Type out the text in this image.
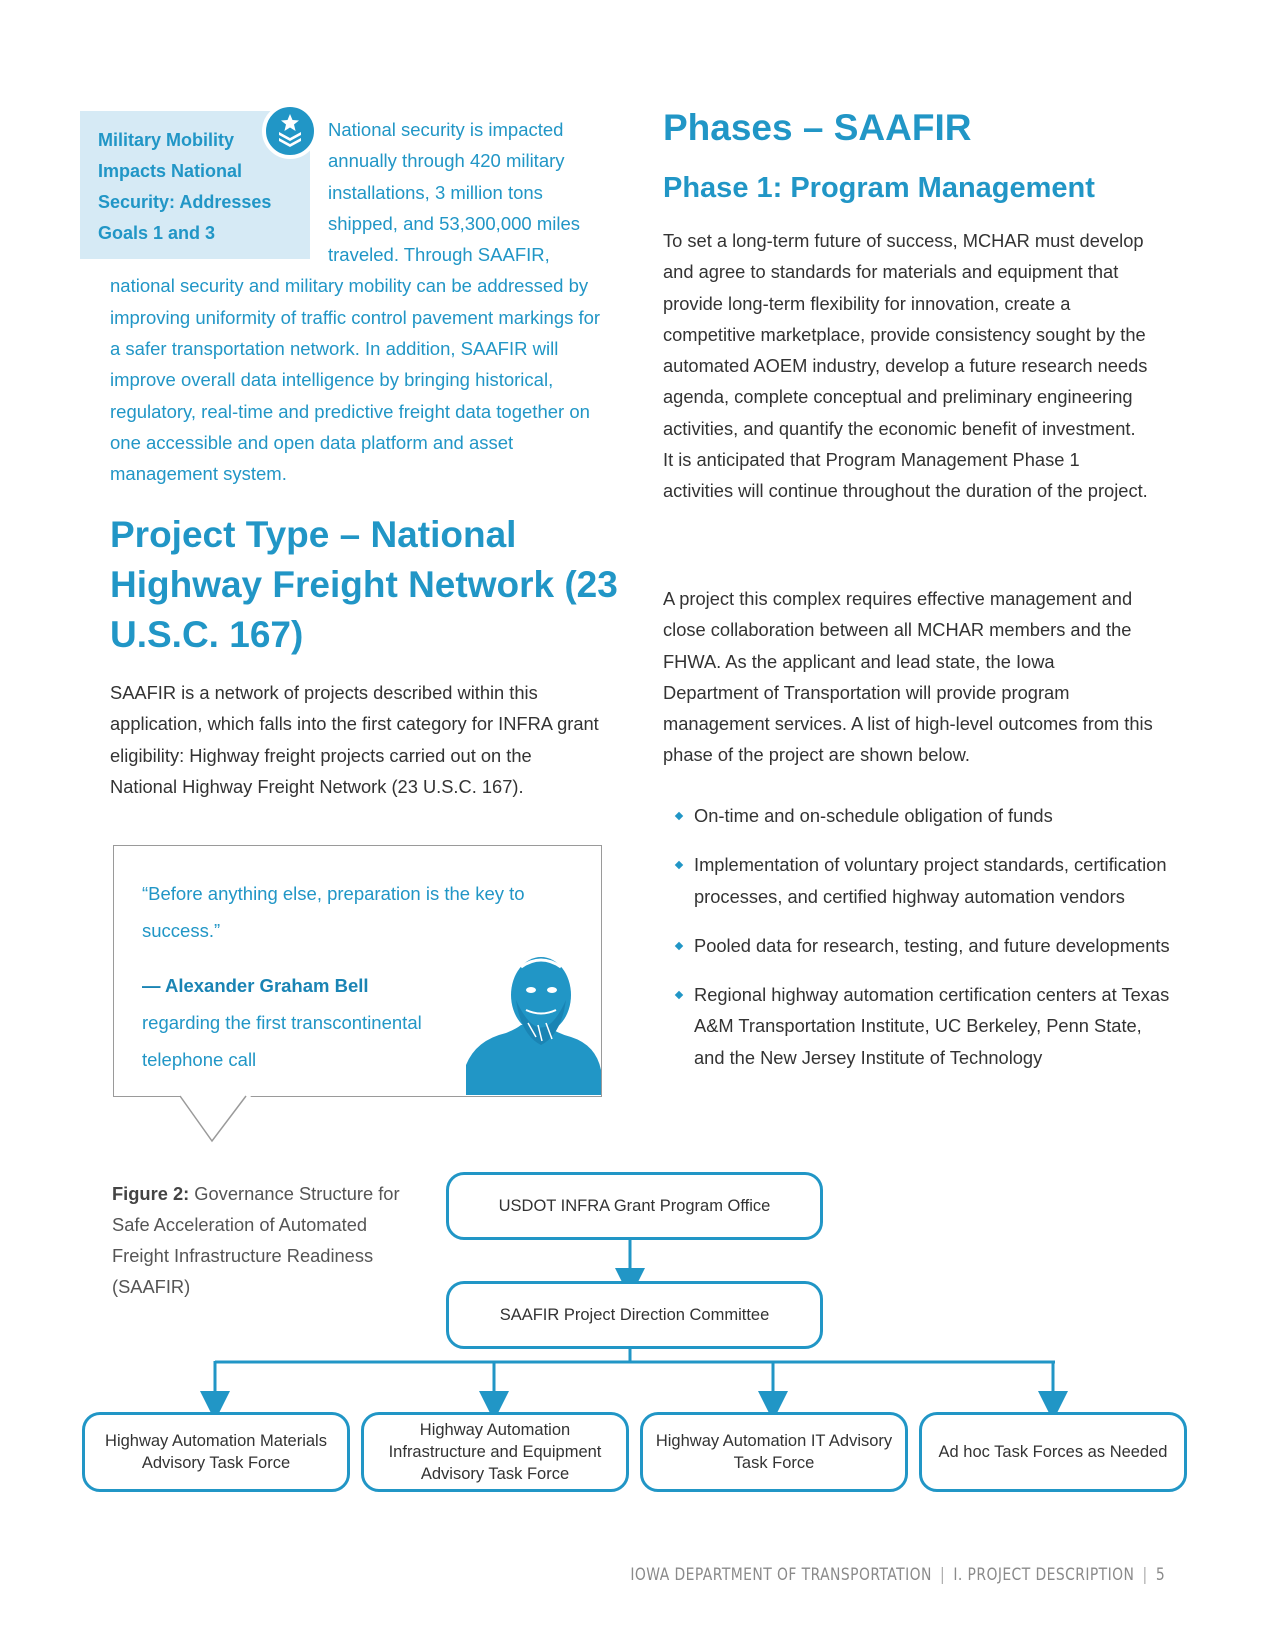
Military Mobility Impacts National Security: Addresses Goals 1 and 3
National security is impacted annually through 420 military installations, 3 million tons shipped, and 53,300,000 miles traveled. Through SAAFIR, national security and military mobility can be addressed by improving uniformity of traffic control pavement markings for a safer transportation network. In addition, SAAFIR will improve overall data intelligence by bringing historical, regulatory, real-time and predictive freight data together on one accessible and open data platform and asset management system.
Project Type – National Highway Freight Network (23 U.S.C. 167)
SAAFIR is a network of projects described within this application, which falls into the first category for INFRA grant eligibility: Highway freight projects carried out on the National Highway Freight Network (23 U.S.C. 167).
“Before anything else, preparation is the key to success.”
— Alexander Graham Bell
regarding the first transcontinental telephone call
Phases – SAAFIR
Phase 1: Program Management
To set a long-term future of success, MCHAR must develop and agree to standards for materials and equipment that provide long-term flexibility for innovation, create a competitive marketplace, provide consistency sought by the automated AOEM industry, develop a future research needs agenda, complete conceptual and preliminary engineering activities, and quantify the economic benefit of investment. It is anticipated that Program Management Phase 1 activities will continue throughout the duration of the project.
A project this complex requires effective management and close collaboration between all MCHAR members and the FHWA. As the applicant and lead state, the Iowa Department of Transportation will provide program management services. A list of high-level outcomes from this phase of the project are shown below.
On-time and on-schedule obligation of funds
Implementation of voluntary project standards, certification processes, and certified highway automation vendors
Pooled data for research, testing, and future developments
Regional highway automation certification centers at Texas A&M Transportation Institute, UC Berkeley, Penn State, and the New Jersey Institute of Technology
Figure 2: Governance Structure for Safe Acceleration of Automated Freight Infrastructure Readiness (SAAFIR)
USDOT INFRA Grant Program Office
SAAFIR Project Direction Committee
Highway Automation Materials Advisory Task Force
Highway Automation Infrastructure and Equipment Advisory Task Force
Highway Automation IT Advisory Task Force
Ad hoc Task Forces as Needed
IOWA DEPARTMENT OF TRANSPORTATION | I. PROJECT DESCRIPTION | 5
